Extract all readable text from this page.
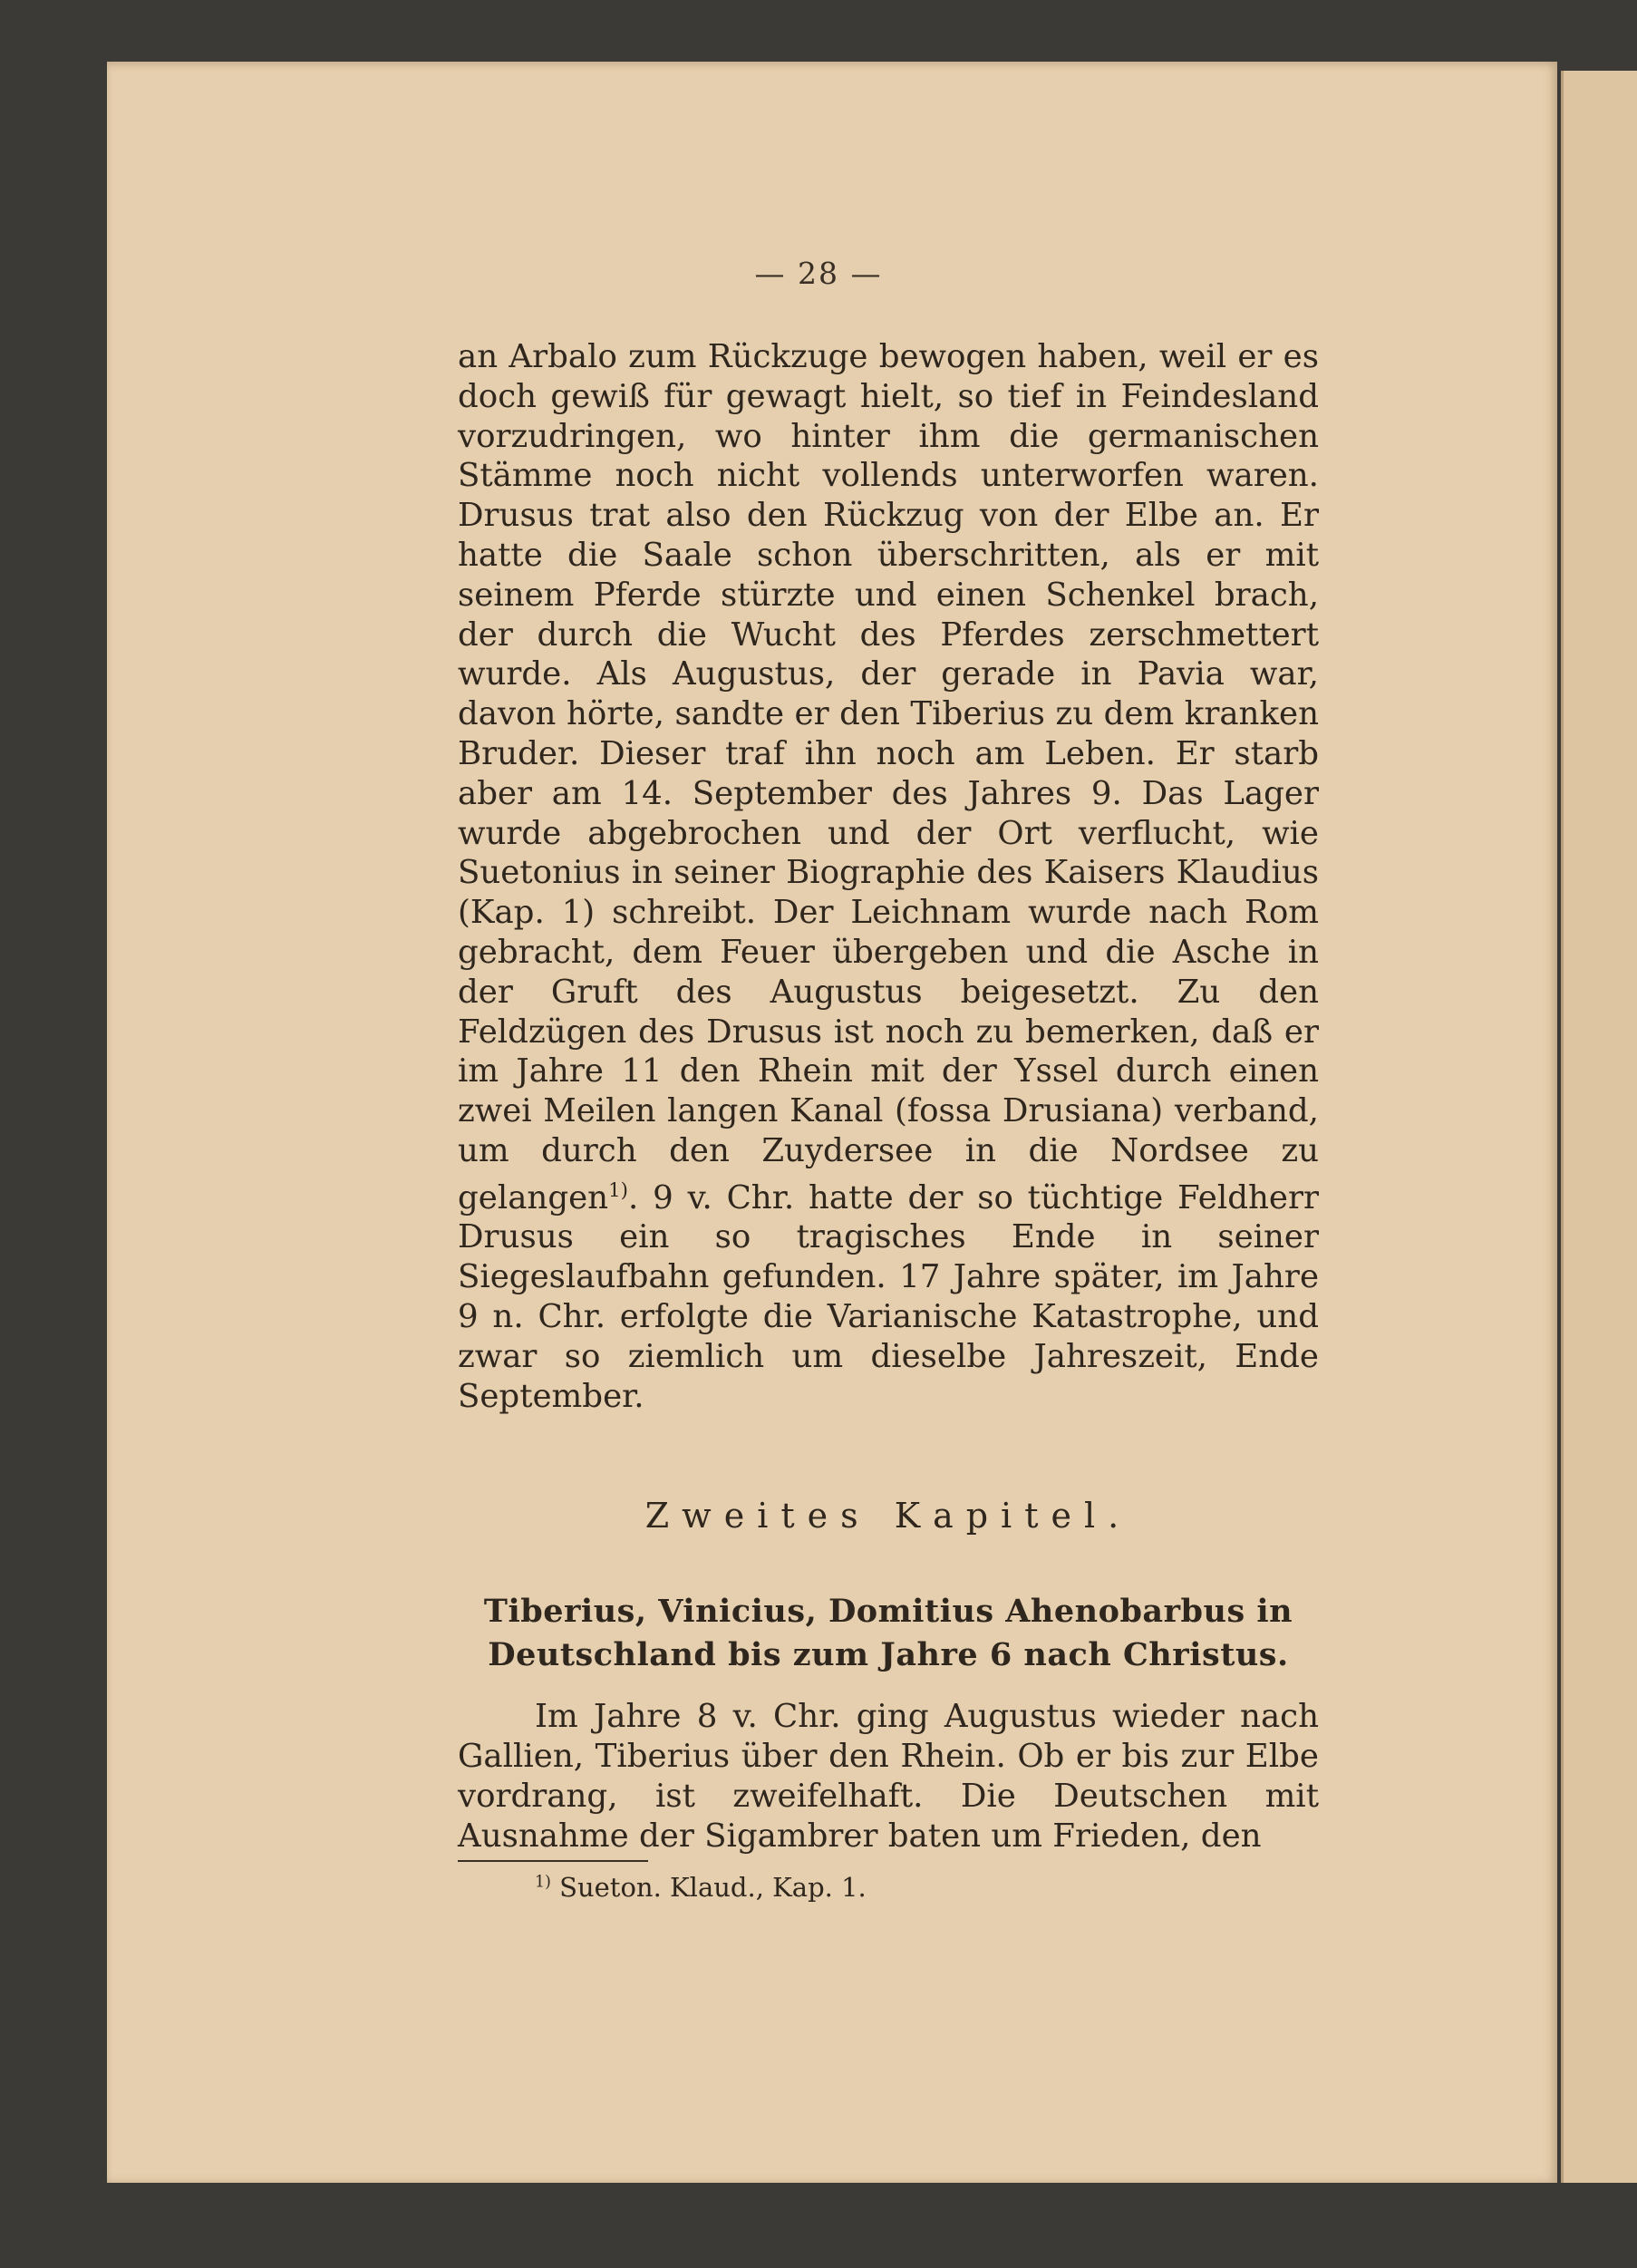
— 28 —

an Arbalo zum Rückzuge bewogen haben, weil er es doch gewiß für gewagt hielt, so tief in Feindesland vorzudringen, wo hinter ihm die germanischen Stämme noch nicht vollends unterworfen waren. Drusus trat also den Rückzug von der Elbe an. Er hatte die Saale schon überschritten, als er mit seinem Pferde stürzte und einen Schenkel brach, der durch die Wucht des Pferdes zerschmettert wurde. Als Augustus, der gerade in Pavia war, davon hörte, sandte er den Tiberius zu dem kranken Bruder. Dieser traf ihn noch am Leben. Er starb aber am 14. September des Jahres 9. Das Lager wurde abgebrochen und der Ort verflucht, wie Suetonius in seiner Biographie des Kaisers Klaudius (Kap. 1) schreibt. Der Leichnam wurde nach Rom gebracht, dem Feuer übergeben und die Asche in der Gruft des Augustus beigesetzt. Zu den Feldzügen des Drusus ist noch zu bemerken, daß er im Jahre 11 den Rhein mit der Yssel durch einen zwei Meilen langen Kanal (fossa Drusiana) verband, um durch den Zuydersee in die Nordsee zu gelangen$^{1)}$. 9 v. Chr. hatte der so tüchtige Feldherr Drusus ein so tragisches Ende in seiner Siegeslaufbahn gefunden. 17 Jahre später, im Jahre 9 n. Chr. erfolgte die Varianische Katastrophe, und zwar so ziemlich um dieselbe Jahreszeit, Ende September.

Zweites Kapitel.
Tiberius, Vinicius, Domitius Ahenobarbus in Deutschland bis zum Jahre 6 nach Christus.

Im Jahre 8 v. Chr. ging Augustus wieder nach Gallien, Tiberius über den Rhein. Ob er bis zur Elbe vordrang, ist zweifelhaft. Die Deutschen mit Ausnahme der Sigambrer baten um Frieden, den

$^{1)}$ Sueton. Klaud., Kap. 1.
